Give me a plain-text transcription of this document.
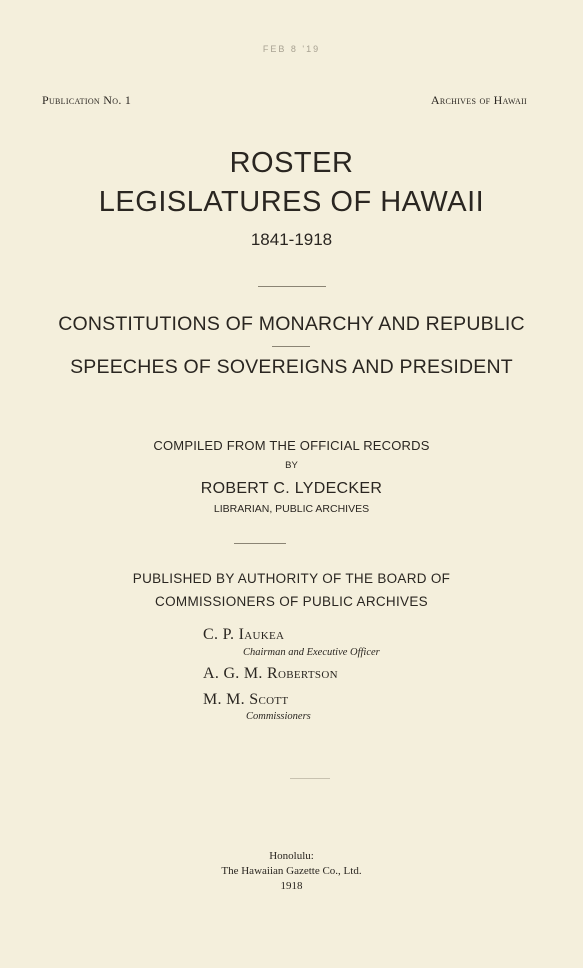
FEB 8 '19
Publication No. 1	Archives of Hawaii
ROSTER
LEGISLATURES OF HAWAII
1841-1918
CONSTITUTIONS OF MONARCHY AND REPUBLIC
SPEECHES OF SOVEREIGNS AND PRESIDENT
COMPILED FROM THE OFFICIAL RECORDS
BY
ROBERT C. LYDECKER
LIBRARIAN, PUBLIC ARCHIVES
PUBLISHED BY AUTHORITY OF THE BOARD OF
COMMISSIONERS OF PUBLIC ARCHIVES
C. P. Iaukea
Chairman and Executive Officer
A. G. M. Robertson
M. M. Scott
Commissioners
Honolulu:
The Hawaiian Gazette Co., Ltd.
1918
